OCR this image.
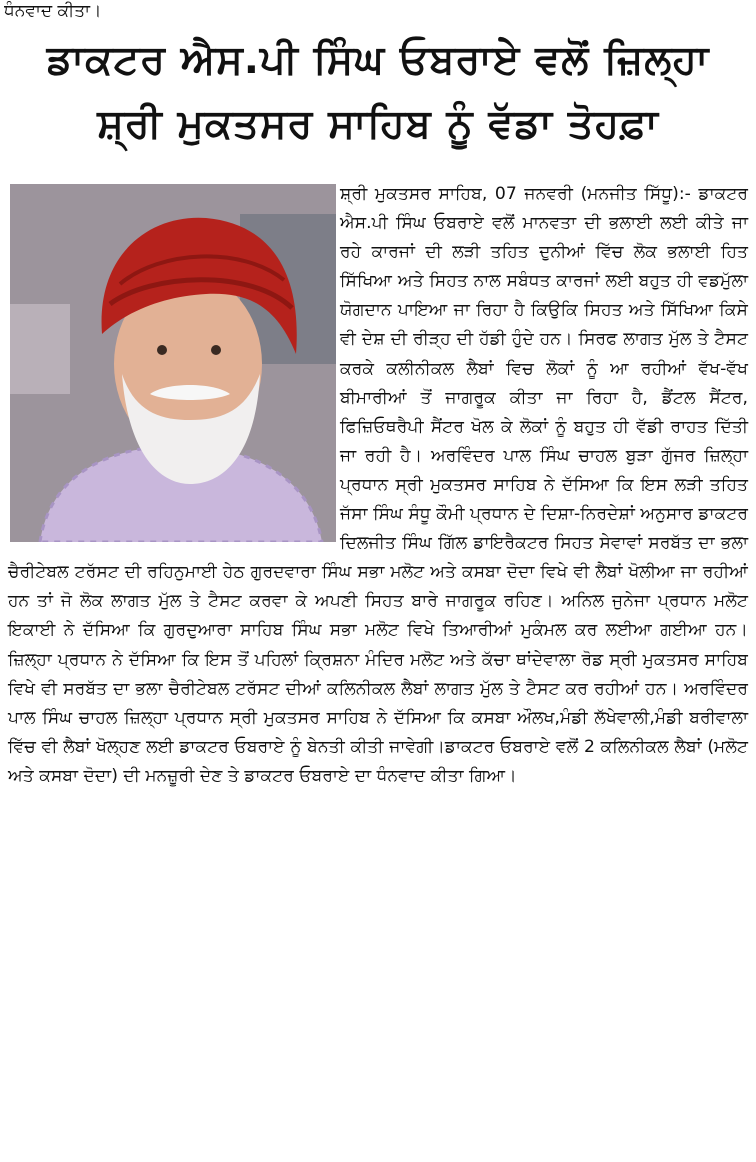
ਧੰਨਵਾਦ ਕੀਤਾ।
ਡਾਕਟਰ ਐਸ.ਪੀ ਸਿੰਘ ਓਬਰਾਏ ਵਲੋਂ ਜ਼ਿਲ੍ਹਾ
ਸ਼੍ਰੀ ਮੁਕਤਸਰ ਸਾਹਿਬ ਨੂੰ ਵੱਡਾ ਤੋਹਫ਼ਾ

ਸ਼੍ਰੀ ਮੁਕਤਸਰ ਸਾਹਿਬ, 07 ਜਨਵਰੀ (ਮਨਜੀਤ ਸਿੱਧੂ):- ਡਾਕਟਰ ਐਸ.ਪੀ ਸਿੰਘ ਓਬਰਾਏ ਵਲੋਂ ਮਾਨਵਤਾ ਦੀ ਭਲਾਈ ਲਈ ਕੀਤੇ ਜਾ ਰਹੇ ਕਾਰਜਾਂ ਦੀ ਲੜੀ ਤਹਿਤ ਦੁਨੀਆਂ ਵਿੱਚ ਲੋਕ ਭਲਾਈ ਹਿਤ ਸਿੱਖਿਆ ਅਤੇ ਸਿਹਤ ਨਾਲ ਸਬੰਧਤ ਕਾਰਜਾਂ ਲਈ ਬਹੁਤ ਹੀ ਵਡਮੁੱਲਾ ਯੋਗਦਾਨ ਪਾਇਆ ਜਾ ਰਿਹਾ ਹੈ ਕਿਉਕਿ ਸਿਹਤ ਅਤੇ ਸਿੱਖਿਆ ਕਿਸੇ ਵੀ ਦੇਸ਼ ਦੀ ਰੀੜ੍ਹ ਦੀ ਹੱਡੀ ਹੁੰਦੇ ਹਨ। ਸਿਰਫ ਲਾਗਤ ਮੁੱਲ ਤੇ ਟੈਸਟ ਕਰਕੇ ਕਲੀਨੀਕਲ ਲੈਬਾਂ ਵਿਚ ਲੋਕਾਂ ਨੂੰ ਆ ਰਹੀਆਂ ਵੱਖ-ਵੱਖ ਬੀਮਾਰੀਆਂ ਤੋਂ ਜਾਗਰੂਕ ਕੀਤਾ ਜਾ ਰਿਹਾ ਹੈ, ਡੈਂਟਲ ਸੈਂਟਰ, ਫਿਜ਼ਿਓਥਰੈਪੀ ਸੈਂਟਰ ਖੋਲ ਕੇ ਲੋਕਾਂ ਨੂੰ ਬਹੁਤ ਹੀ ਵੱਡੀ ਰਾਹਤ ਦਿੱਤੀ ਜਾ ਰਹੀ ਹੈ। ਅਰਵਿੰਦਰ ਪਾਲ ਸਿੰਘ ਚਾਹਲ ਬੁੜਾ ਗੁੱਜਰ ਜ਼ਿਲ੍ਹਾ ਪ੍ਰਧਾਨ ਸ੍ਰੀ ਮੁਕਤਸਰ ਸਾਹਿਬ ਨੇ ਦੱਸਿਆ ਕਿ ਇਸ ਲੜੀ ਤਹਿਤ ਜੱਸਾ ਸਿੰਘ ਸੰਧੂ ਕੌਮੀ ਪ੍ਰਧਾਨ ਦੇ ਦਿਸ਼ਾ-ਨਿਰਦੇਸ਼ਾਂ ਅਨੁਸਾਰ ਡਾਕਟਰ ਦਿਲਜੀਤ ਸਿੰਘ ਗਿੱਲ ਡਾਇਰੈਕਟਰ ਸਿਹਤ ਸੇਵਾਵਾਂ ਸਰਬੱਤ ਦਾ ਭਲਾ ਚੈਰੀਟੇਬਲ ਟਰੱਸਟ ਦੀ ਰਹਿਨੁਮਾਈ ਹੇਠ ਗੁਰਦਵਾਰਾ ਸਿੰਘ ਸਭਾ ਮਲੋਟ ਅਤੇ ਕਸਬਾ ਦੋਦਾ ਵਿਖੇ ਵੀ ਲੈਬਾਂ ਖੋਲੀਆ ਜਾ ਰਹੀਆਂ ਹਨ ਤਾਂ ਜੋ ਲੋਕ ਲਾਗਤ ਮੁੱਲ ਤੇ ਟੈਸਟ ਕਰਵਾ ਕੇ ਅਪਣੀ ਸਿਹਤ ਬਾਰੇ ਜਾਗਰੂਕ ਰਹਿਣ। ਅਨਿਲ ਜੁਨੇਜਾ ਪ੍ਰਧਾਨ ਮਲੋਟ ਇਕਾਈ ਨੇ ਦੱਸਿਆ ਕਿ ਗੁਰਦੁਆਰਾ ਸਾਹਿਬ ਸਿੰਘ ਸਭਾ ਮਲੋਟ ਵਿਖੇ ਤਿਆਰੀਆਂ ਮੁਕੰਮਲ ਕਰ ਲਈਆ ਗਈਆ ਹਨ। ਜ਼ਿਲ੍ਹਾ ਪ੍ਰਧਾਨ ਨੇ ਦੱਸਿਆ ਕਿ ਇਸ ਤੋਂ ਪਹਿਲਾਂ ਕ੍ਰਿਸ਼ਨਾ ਮੰਦਿਰ ਮਲੋਟ ਅਤੇ ਕੱਚਾ ਥਾਂਦੇਵਾਲਾ ਰੋਡ ਸ੍ਰੀ ਮੁਕਤਸਰ ਸਾਹਿਬ ਵਿਖੇ ਵੀ ਸਰਬੱਤ ਦਾ ਭਲਾ ਚੈਰੀਟੇਬਲ ਟਰੱਸਟ ਦੀਆਂ ਕਲਿਨੀਕਲ ਲੈਬਾਂ ਲਾਗਤ ਮੁੱਲ ਤੇ ਟੈਸਟ ਕਰ ਰਹੀਆਂ ਹਨ। ਅਰਵਿੰਦਰ ਪਾਲ ਸਿੰਘ ਚਾਹਲ ਜ਼ਿਲ੍ਹਾ ਪ੍ਰਧਾਨ ਸ੍ਰੀ ਮੁਕਤਸਰ ਸਾਹਿਬ ਨੇ ਦੱਸਿਆ ਕਿ ਕਸਬਾ ਔਲਖ,ਮੰਡੀ ਲੱਖੇਵਾਲੀ,ਮੰਡੀ ਬਰੀਵਾਲਾ ਵਿੱਚ ਵੀ ਲੈਬਾਂ ਖੋਲ੍ਹਣ ਲਈ ਡਾਕਟਰ ਓਬਰਾਏ ਨੂੰ ਬੇਨਤੀ ਕੀਤੀ ਜਾਵੇਗੀ।ਡਾਕਟਰ ਓਬਰਾਏ ਵਲੋਂ 2 ਕਲਿਨੀਕਲ ਲੈਬਾਂ (ਮਲੋਟ ਅਤੇ ਕਸਬਾ ਦੋਦਾ) ਦੀ ਮਨਜ਼ੂਰੀ ਦੇਣ ਤੇ ਡਾਕਟਰ ਓਬਰਾਏ ਦਾ ਧੰਨਵਾਦ ਕੀਤਾ ਗਿਆ।
